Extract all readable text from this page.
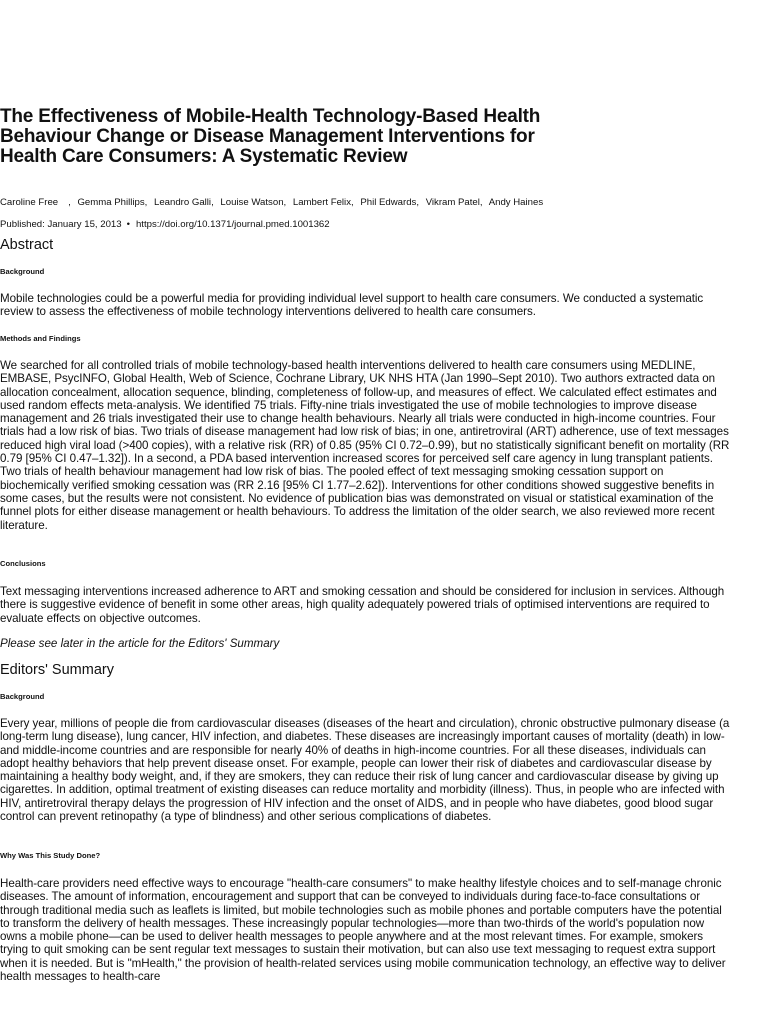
The Effectiveness of Mobile-Health Technology-Based Health Behaviour Change or Disease Management Interventions for Health Care Consumers: A Systematic Review
Caroline Free , Gemma Phillips, Leandro Galli, Louise Watson, Lambert Felix, Phil Edwards, Vikram Patel, Andy Haines
Published: January 15, 2013 • https://doi.org/10.1371/journal.pmed.1001362
Abstract
Background

Mobile technologies could be a powerful media for providing individual level support to health care consumers. We conducted a systematic review to assess the effectiveness of mobile technology interventions delivered to health care consumers.

Methods and Findings

We searched for all controlled trials of mobile technology-based health interventions delivered to health care consumers using MEDLINE, EMBASE, PsycINFO, Global Health, Web of Science, Cochrane Library, UK NHS HTA (Jan 1990–Sept 2010). Two authors extracted data on allocation concealment, allocation sequence, blinding, completeness of follow-up, and measures of effect. We calculated effect estimates and used random effects meta-analysis. We identified 75 trials. Fifty-nine trials investigated the use of mobile technologies to improve disease management and 26 trials investigated their use to change health behaviours. Nearly all trials were conducted in high-income countries. Four trials had a low risk of bias. Two trials of disease management had low risk of bias; in one, antiretroviral (ART) adherence, use of text messages reduced high viral load (>400 copies), with a relative risk (RR) of 0.85 (95% CI 0.72–0.99), but no statistically significant benefit on mortality (RR 0.79 [95% CI 0.47–1.32]). In a second, a PDA based intervention increased scores for perceived self care agency in lung transplant patients. Two trials of health behaviour management had low risk of bias. The pooled effect of text messaging smoking cessation support on biochemically verified smoking cessation was (RR 2.16 [95% CI 1.77–2.62]). Interventions for other conditions showed suggestive benefits in some cases, but the results were not consistent. No evidence of publication bias was demonstrated on visual or statistical examination of the funnel plots for either disease management or health behaviours. To address the limitation of the older search, we also reviewed more recent literature.

Conclusions

Text messaging interventions increased adherence to ART and smoking cessation and should be considered for inclusion in services. Although there is suggestive evidence of benefit in some other areas, high quality adequately powered trials of optimised interventions are required to evaluate effects on objective outcomes.

Please see later in the article for the Editors' Summary

Editors' Summary
Background

Every year, millions of people die from cardiovascular diseases (diseases of the heart and circulation), chronic obstructive pulmonary disease (a long-term lung disease), lung cancer, HIV infection, and diabetes. These diseases are increasingly important causes of mortality (death) in low- and middle-income countries and are responsible for nearly 40% of deaths in high-income countries. For all these diseases, individuals can adopt healthy behaviors that help prevent disease onset. For example, people can lower their risk of diabetes and cardiovascular disease by maintaining a healthy body weight, and, if they are smokers, they can reduce their risk of lung cancer and cardiovascular disease by giving up cigarettes. In addition, optimal treatment of existing diseases can reduce mortality and morbidity (illness). Thus, in people who are infected with HIV, antiretroviral therapy delays the progression of HIV infection and the onset of AIDS, and in people who have diabetes, good blood sugar control can prevent retinopathy (a type of blindness) and other serious complications of diabetes.

Why Was This Study Done?

Health-care providers need effective ways to encourage "health-care consumers" to make healthy lifestyle choices and to self-manage chronic diseases. The amount of information, encouragement and support that can be conveyed to individuals during face-to-face consultations or through traditional media such as leaflets is limited, but mobile technologies such as mobile phones and portable computers have the potential to transform the delivery of health messages. These increasingly popular technologies—more than two-thirds of the world's population now owns a mobile phone—can be used to deliver health messages to people anywhere and at the most relevant times. For example, smokers trying to quit smoking can be sent regular text messages to sustain their motivation, but can also use text messaging to request extra support when it is needed. But is "mHealth," the provision of health-related services using mobile communication technology, an effective way to deliver health messages to health-care
